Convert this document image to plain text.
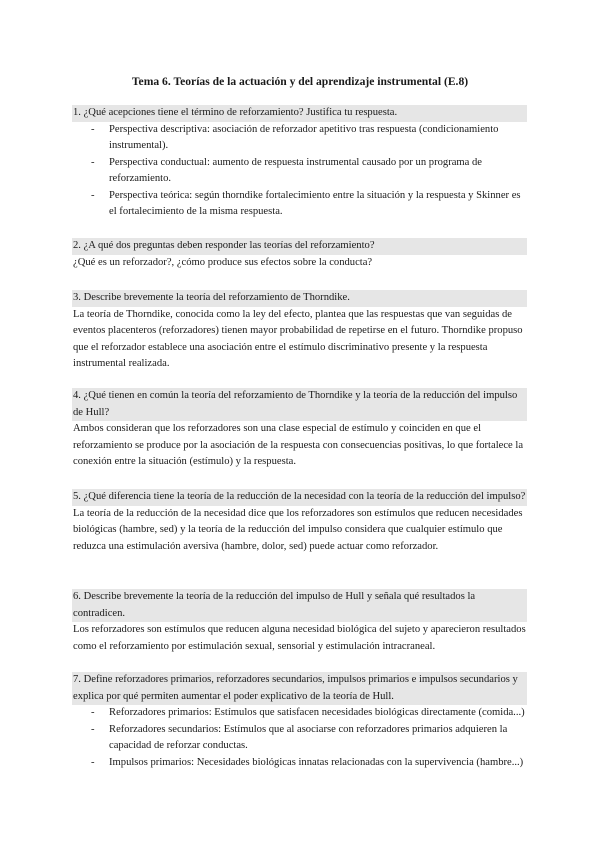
Tema 6. Teorías de la actuación y del aprendizaje instrumental (E.8)

1. ¿Qué acepciones tiene el término de reforzamiento? Justifica tu respuesta.

- Perspectiva descriptiva: asociación de reforzador apetitivo tras respuesta (condicionamiento instrumental).
- Perspectiva conductual: aumento de respuesta instrumental causado por un programa de reforzamiento.
- Perspectiva teórica: según thorndike fortalecimiento entre la situación y la respuesta y Skinner es el fortalecimiento de la misma respuesta.

2. ¿A qué dos preguntas deben responder las teorías del reforzamiento?

¿Qué es un reforzador?, ¿cómo produce sus efectos sobre la conducta?

3. Describe brevemente la teoría del reforzamiento de Thorndike.

La teoría de Thorndike, conocida como la ley del efecto, plantea que las respuestas que van seguidas de eventos placenteros (reforzadores) tienen mayor probabilidad de repetirse en el futuro. Thorndike propuso que el reforzador establece una asociación entre el estímulo discriminativo presente y la respuesta instrumental realizada.

4. ¿Qué tienen en común la teoría del reforzamiento de Thorndike y la teoría de la reducción del impulso de Hull?

Ambos consideran que los reforzadores son una clase especial de estímulo y coinciden en que el reforzamiento se produce por la asociación de la respuesta con consecuencias positivas, lo que fortalece la conexión entre la situación (estímulo) y la respuesta.

5. ¿Qué diferencia tiene la teoría de la reducción de la necesidad con la teoría de la reducción del impulso?

La teoría de la reducción de la necesidad dice que los reforzadores son estímulos que reducen necesidades biológicas (hambre, sed) y la teoría de la reducción del impulso considera que cualquier estímulo que reduzca una estimulación aversiva (hambre, dolor, sed) puede actuar como reforzador.

6. Describe brevemente la teoría de la reducción del impulso de Hull y señala qué resultados la contradicen.

Los reforzadores son estímulos que reducen alguna necesidad biológica del sujeto y aparecieron resultados como el reforzamiento por estimulación sexual, sensorial y estimulación intracraneal.

7. Define reforzadores primarios, reforzadores secundarios, impulsos primarios e impulsos secundarios y explica por qué permiten aumentar el poder explicativo de la teoría de Hull.

- Reforzadores primarios: Estímulos que satisfacen necesidades biológicas directamente (comida...)
- Reforzadores secundarios: Estímulos que al asociarse con reforzadores primarios adquieren la capacidad de reforzar conductas.
- Impulsos primarios: Necesidades biológicas innatas relacionadas con la supervivencia (hambre...)
